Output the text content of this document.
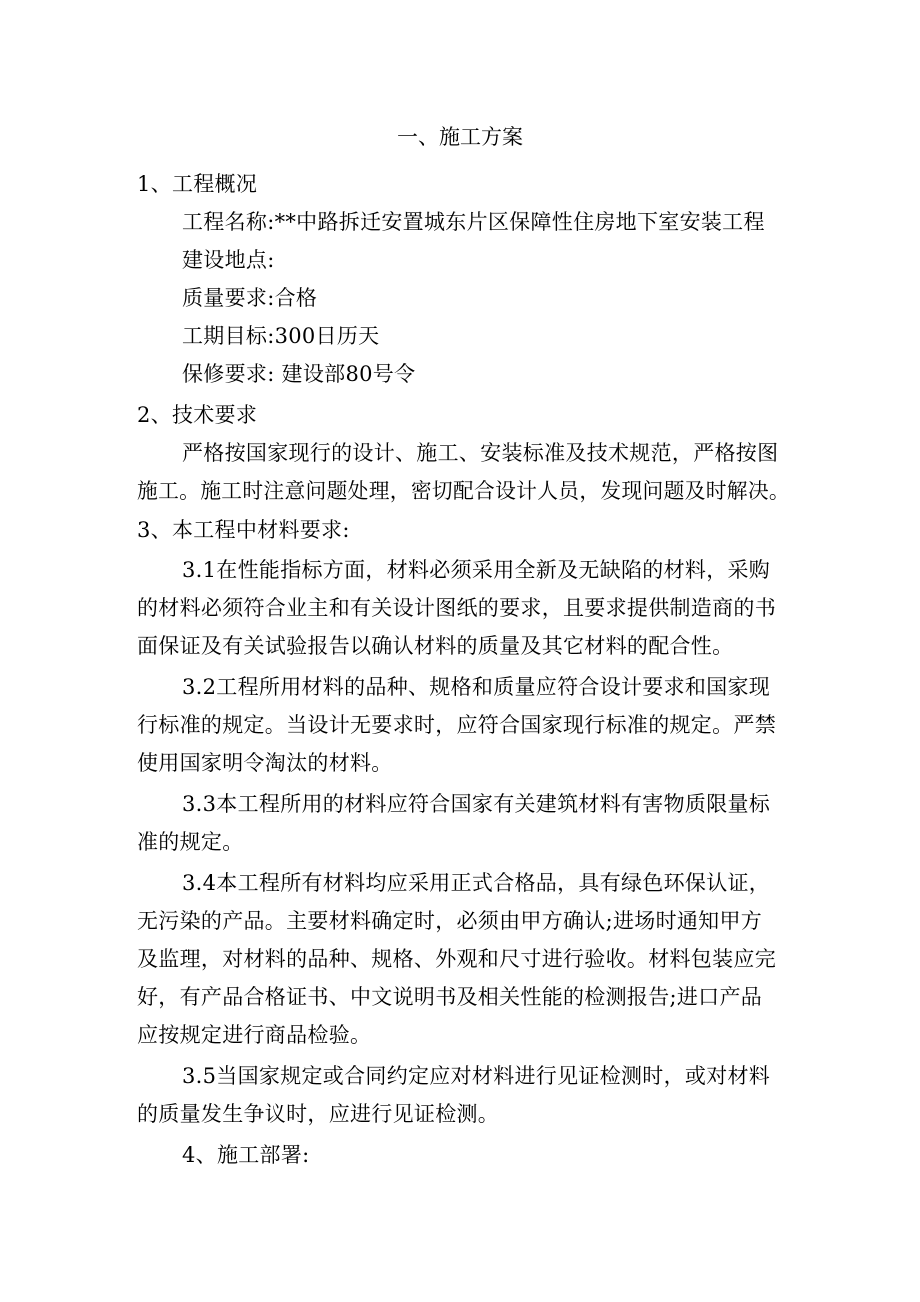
一、施工方案
1、工程概况
工程名称:**中路拆迁安置城东片区保障性住房地下室安装工程
建设地点:
质量要求:合格
工期目标:300日历天
保修要求: 建设部80号令
2、技术要求
严格按国家现行的设计、施工、安装标准及技术规范，严格按图
施工。施工时注意问题处理，密切配合设计人员，发现问题及时解决。
3、本工程中材料要求:
3.1在性能指标方面，材料必须采用全新及无缺陷的材料，采购
的材料必须符合业主和有关设计图纸的要求，且要求提供制造商的书
面保证及有关试验报告以确认材料的质量及其它材料的配合性。
3.2工程所用材料的品种、规格和质量应符合设计要求和国家现
行标准的规定。当设计无要求时，应符合国家现行标准的规定。严禁
使用国家明令淘汰的材料。
3.3本工程所用的材料应符合国家有关建筑材料有害物质限量标
准的规定。
3.4本工程所有材料均应采用正式合格品，具有绿色环保认证，
无污染的产品。主要材料确定时，必须由甲方确认;进场时通知甲方
及监理，对材料的品种、规格、外观和尺寸进行验收。材料包装应完
好，有产品合格证书、中文说明书及相关性能的检测报告;进口产品
应按规定进行商品检验。
3.5当国家规定或合同约定应对材料进行见证检测时，或对材料
的质量发生争议时，应进行见证检测。
4、施工部署:
